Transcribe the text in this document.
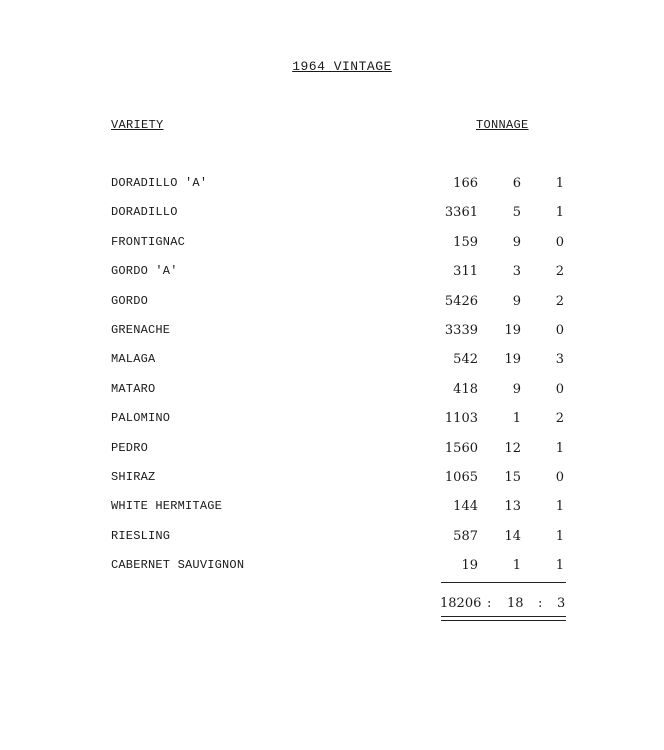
1964 VINTAGE
VARIETY	TONNAGE
DORADILLO 'A'	166	6	1
DORADILLO	3361	5	1
FRONTIGNAC	159	9	0
GORDO 'A'	311	3	2
GORDO	5426	9	2
GRENACHE	3339 19	0
MALAGA	542 19	3
MATARO	418	9	0
PALOMINO	1103	1	2
PEDRO	1560 12	1
SHIRAZ	1065 15	0
WHITE HERMITAGE	144 13	1
RIESLING	587 14	1
CABERNET SAUVIGNON	19	1	1
18206 : 18 : 3
